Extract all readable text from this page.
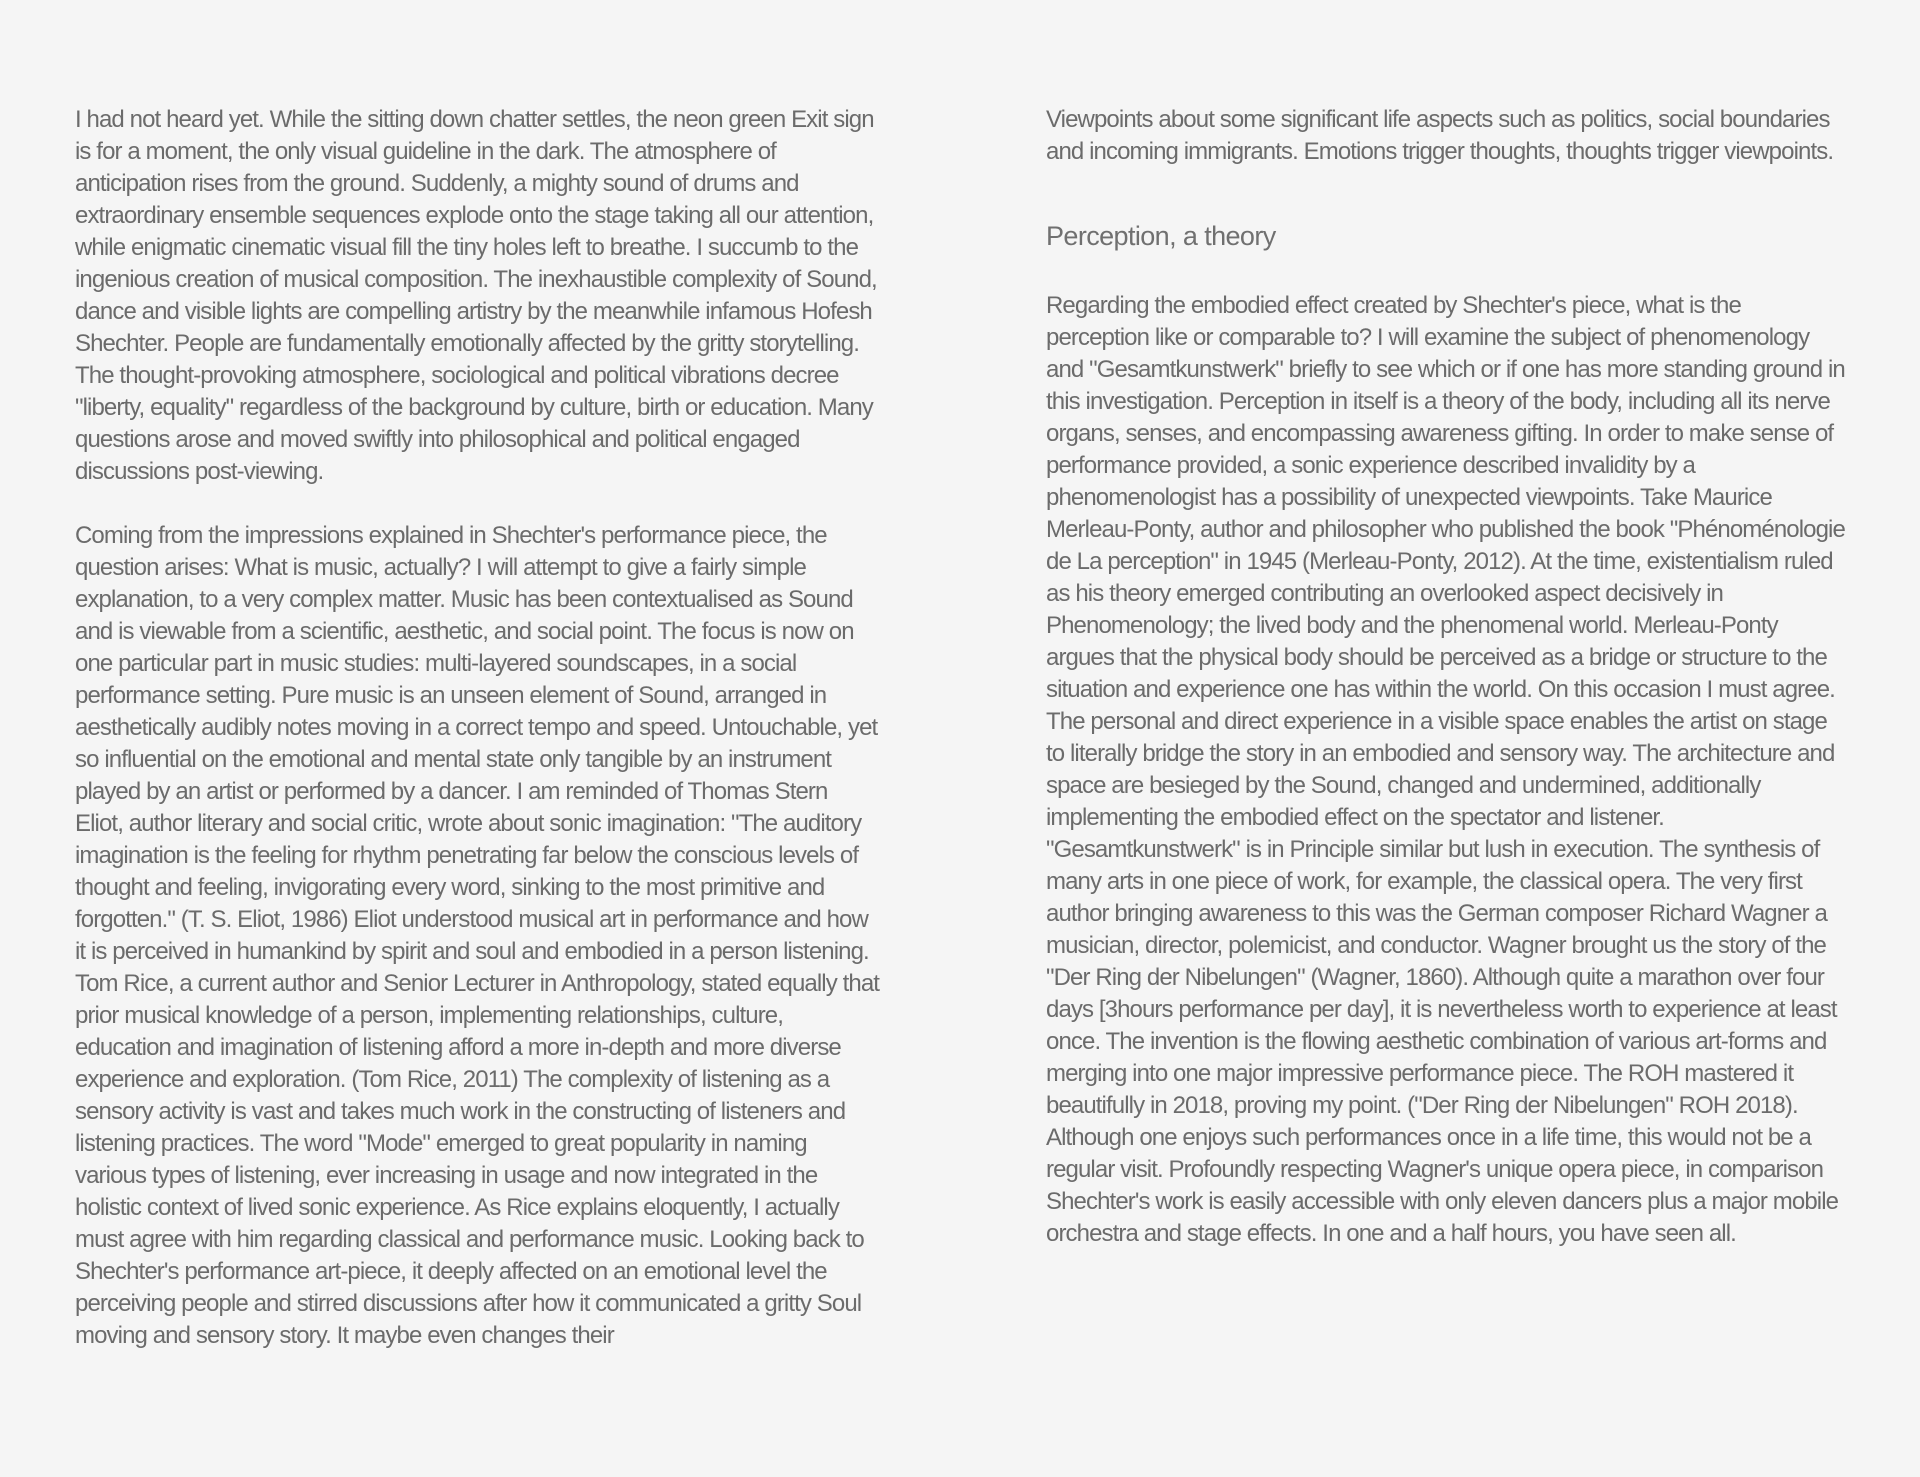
I had not heard yet. While the sitting down chatter settles, the neon green Exit sign is for a moment, the only visual guideline in the dark. The atmosphere of anticipation rises from the ground. Suddenly, a mighty sound of drums and extraordinary ensemble sequences explode onto the stage taking all our attention, while enigmatic cinematic visual fill the tiny holes left to breathe. I succumb to the ingenious creation of musical composition. The inexhaustible complexity of Sound, dance and visible lights are compelling artistry by the meanwhile infamous Hofesh Shechter. People are fundamentally emotionally affected by the gritty storytelling. The thought-provoking atmosphere, sociological and political vibrations decree "liberty, equality" regardless of the background by culture, birth or education. Many questions arose and moved swiftly into philosophical and political engaged discussions post-viewing.

Coming from the impressions explained in Shechter's performance piece, the question arises: What is music, actually? I will attempt to give a fairly simple explanation, to a very complex matter. Music has been contextualised as Sound and is viewable from a scientific, aesthetic, and social point. The focus is now on one particular part in music studies: multi-layered soundscapes, in a social performance setting. Pure music is an unseen element of Sound, arranged in aesthetically audibly notes moving in a correct tempo and speed. Untouchable, yet so influential on the emotional and mental state only tangible by an instrument played by an artist or performed by a dancer. I am reminded of Thomas Stern Eliot, author literary and social critic, wrote about sonic imagination: "The auditory imagination is the feeling for rhythm penetrating far below the conscious levels of thought and feeling, invigorating every word, sinking to the most primitive and forgotten." (T. S. Eliot, 1986) Eliot understood musical art in performance and how it is perceived in humankind by spirit and soul and embodied in a person listening. Tom Rice, a current author and Senior Lecturer in Anthropology, stated equally that prior musical knowledge of a person, implementing relationships, culture, education and imagination of listening afford a more in-depth and more diverse experience and exploration. (Tom Rice, 2011) The complexity of listening as a sensory activity is vast and takes much work in the constructing of listeners and listening practices. The word "Mode" emerged to great popularity in naming various types of listening, ever increasing in usage and now integrated in the holistic context of lived sonic experience. As Rice explains eloquently, I actually must agree with him regarding classical and performance music. Looking back to Shechter's performance art-piece, it deeply affected on an emotional level the perceiving people and stirred discussions after how it communicated a gritty Soul moving and sensory story. It maybe even changes their

Viewpoints about some significant life aspects such as politics, social boundaries and incoming immigrants. Emotions trigger thoughts, thoughts trigger viewpoints.

Perception, a theory

Regarding the embodied effect created by Shechter's piece, what is the perception like or comparable to? I will examine the subject of phenomenology and "Gesamtkunstwerk" briefly to see which or if one has more standing ground in this investigation. Perception in itself is a theory of the body, including all its nerve organs, senses, and encompassing awareness gifting. In order to make sense of performance provided, a sonic experience described invalidity by a phenomenologist has a possibility of unexpected viewpoints. Take Maurice Merleau-Ponty, author and philosopher who published the book "Phénoménologie de La perception" in 1945 (Merleau-Ponty, 2012). At the time, existentialism ruled as his theory emerged contributing an overlooked aspect decisively in Phenomenology; the lived body and the phenomenal world. Merleau-Ponty argues that the physical body should be perceived as a bridge or structure to the situation and experience one has within the world. On this occasion I must agree. The personal and direct experience in a visible space enables the artist on stage to literally bridge the story in an embodied and sensory way. The architecture and space are besieged by the Sound, changed and undermined, additionally implementing the embodied effect on the spectator and listener. "Gesamtkunstwerk" is in Principle similar but lush in execution. The synthesis of many arts in one piece of work, for example, the classical opera. The very first author bringing awareness to this was the German composer Richard Wagner a musician, director, polemicist, and conductor. Wagner brought us the story of the "Der Ring der Nibelungen" (Wagner, 1860). Although quite a marathon over four days [3hours performance per day], it is nevertheless worth to experience at least once. The invention is the flowing aesthetic combination of various art-forms and merging into one major impressive performance piece. The ROH mastered it beautifully in 2018, proving my point. ("Der Ring der Nibelungen" ROH 2018). Although one enjoys such performances once in a life time, this would not be a regular visit. Profoundly respecting Wagner's unique opera piece, in comparison Shechter's work is easily accessible with only eleven dancers plus a major mobile orchestra and stage effects. In one and a half hours, you have seen all.
